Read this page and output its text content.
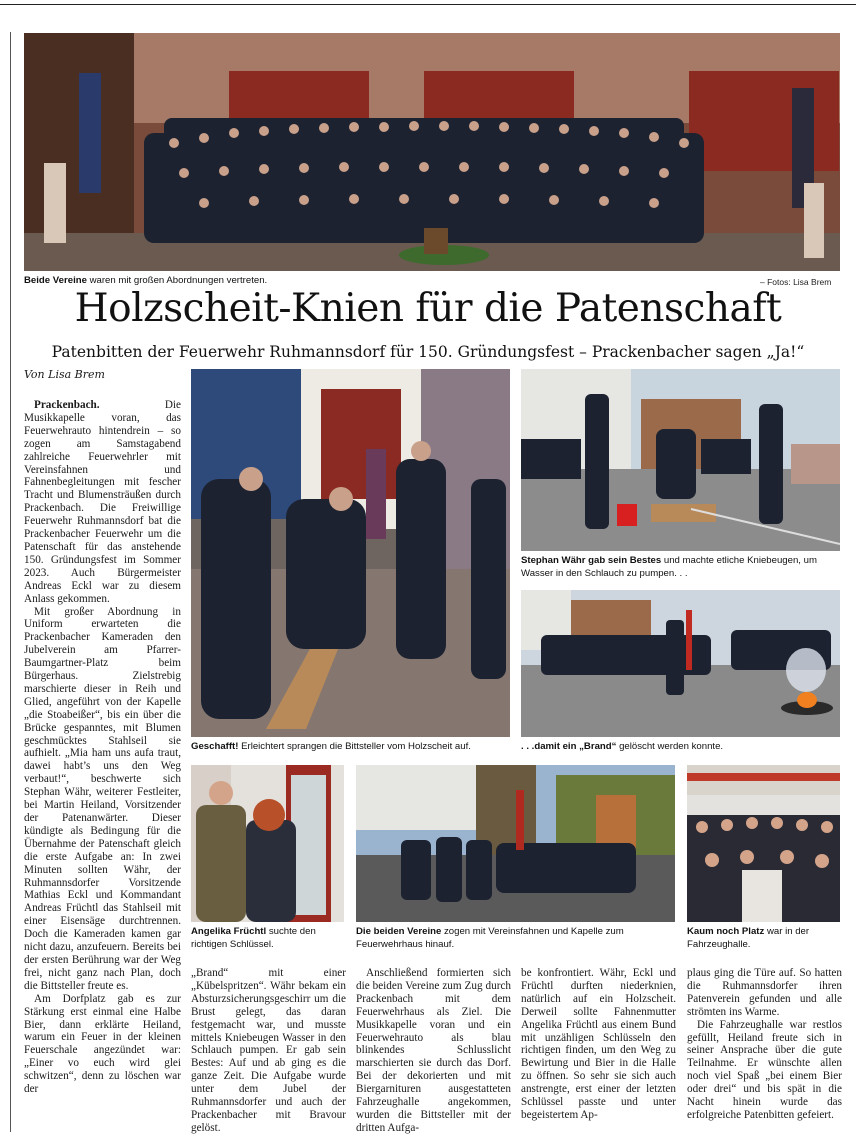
Beide Vereine waren mit großen Abordnungen vertreten.	– Fotos: Lisa Brem
Holzscheit-Knien für die Patenschaft
Patenbitten der Feuerwehr Ruhmannsdorf für 150. Gründungsfest – Prackenbacher sagen „Ja!“
Von Lisa Brem

Prackenbach. Die Musikkapelle voran, das Feuerwehrauto hintendrein – so zogen am Samstagabend zahlreiche Feuerwehrler mit Vereinsfahnen und Fahnenbegleitungen mit fescher Tracht und Blumensträußen durch Prackenbach. Die Freiwillige Feuerwehr Ruhmannsdorf bat die Prackenbacher Feuerwehr um die Patenschaft für das anstehende 150. Gründungsfest im Sommer 2023. Auch Bürgermeister Andreas Eckl war zu diesem Anlass gekommen.

Mit großer Abordnung in Uniform erwarteten die Prackenbacher Kameraden den Jubelverein am Pfarrer-Baumgartner-Platz beim Bürgerhaus. Zielstrebig marschierte dieser in Reih und Glied, angeführt von der Kapelle „die Stoabeißer“, bis ein über die Brücke gespanntes, mit Blumen geschmücktes Stahlseil sie aufhielt. „Mia ham uns aufa traut, dawei habt’s uns den Weg verbaut!“, beschwerte sich Stephan Währ, weiterer Festleiter, bei Martin Heiland, Vorsitzender der Patenanwärter. Dieser kündigte als Bedingung für die Übernahme der Patenschaft gleich die erste Aufgabe an: In zwei Minuten sollten Währ, der Ruhmannsdorfer Vorsitzende Mathias Eckl und Kommandant Andreas Früchtl das Stahlseil mit einer Eisensäge durchtrennen. Doch die Kameraden kamen gar nicht dazu, anzufeuern. Bereits bei der ersten Berührung war der Weg frei, nicht ganz nach Plan, doch die Bittsteller freute es.

Am Dorfplatz gab es zur Stärkung erst einmal eine Halbe Bier, dann erklärte Heiland, warum ein Feuer in der kleinen Feuerschale angezündet war: „Einer vo euch wird glei schwitzen“, denn zu löschen war der

Geschafft! Erleichtert sprangen die Bittsteller vom Holzscheit auf.
Stephan Währ gab sein Bestes und machte etliche Kniebeugen, um Wasser in den Schlauch zu pumpen. . .
. . .damit ein „Brand“ gelöscht werden konnte.
Angelika Früchtl suchte den richtigen Schlüssel.
Die beiden Vereine zogen mit Vereinsfahnen und Kapelle zum Feuerwehrhaus hinauf.
Kaum noch Platz war in der Fahrzeughalle.

„Brand“ mit einer „Kübelspritzen“. Währ bekam ein Absturzsicherungsgeschirr um die Brust gelegt, das daran festgemacht war, und musste mittels Kniebeugen Wasser in den Schlauch pumpen. Er gab sein Bestes: Auf und ab ging es die ganze Zeit. Die Aufgabe wurde unter dem Jubel der Ruhmannsdorfer und auch der Prackenbacher mit Bravour gelöst.

Anschließend formierten sich die beiden Vereine zum Zug durch Prackenbach mit dem Feuerwehrhaus als Ziel. Die Musikkapelle voran und ein Feuerwehrauto als blau blinkendes Schlusslicht marschierten sie durch das Dorf. Bei der dekorierten und mit Biergarnituren ausgestatteten Fahrzeughalle angekommen, wurden die Bittsteller mit der dritten Aufga-

be konfrontiert. Währ, Eckl und Früchtl durften niederknien, natürlich auf ein Holzscheit. Derweil sollte Fahnenmutter Angelika Früchtl aus einem Bund mit unzähligen Schlüsseln den richtigen finden, um den Weg zu Bewirtung und Bier in die Halle zu öffnen. So sehr sie sich auch anstrengte, erst einer der letzten Schlüssel passte und unter begeistertem Ap-

plaus ging die Türe auf. So hatten die Ruhmannsdorfer ihren Patenverein gefunden und alle strömten ins Warme.

Die Fahrzeughalle war restlos gefüllt, Heiland freute sich in seiner Ansprache über die gute Teilnahme. Er wünschte allen noch viel Spaß „bei einem Bier oder drei“ und bis spät in die Nacht hinein wurde das erfolgreiche Patenbitten gefeiert.
